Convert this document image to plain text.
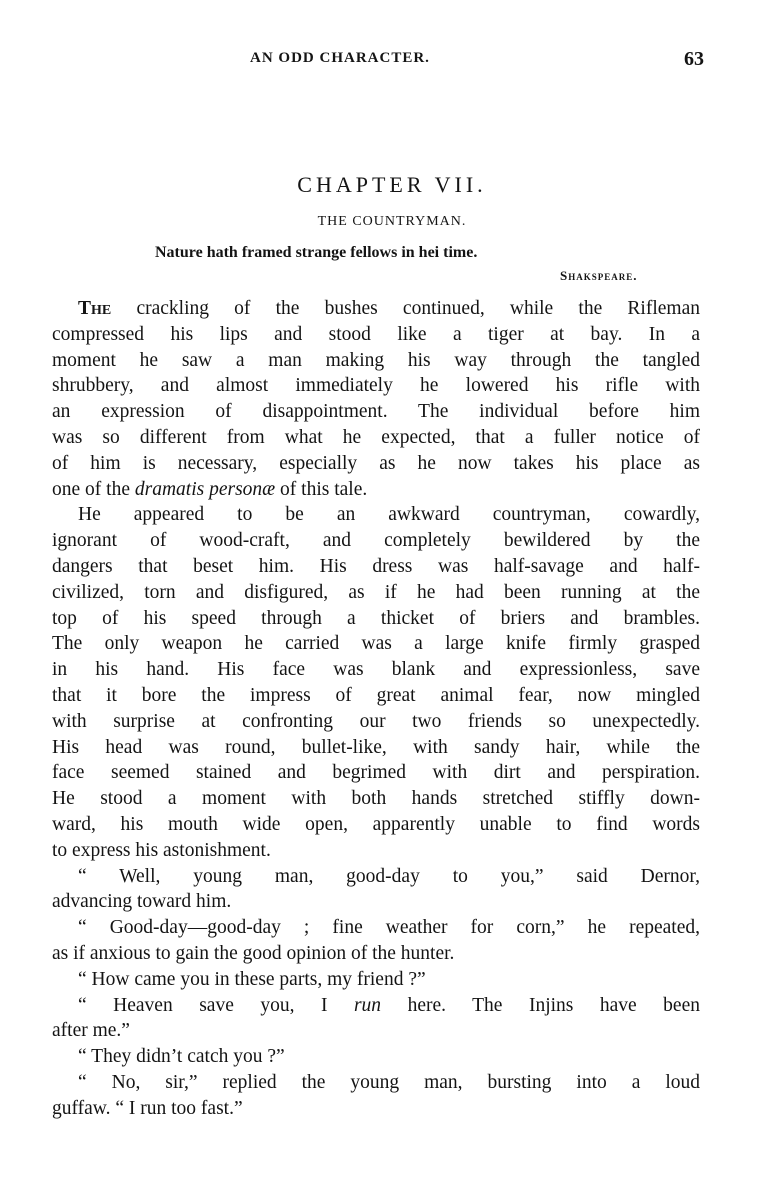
AN ODD CHARACTER.	63
CHAPTER VII.
THE COUNTRYMAN.
Nature hath framed strange fellows in hei time.
Shakspeare.
The crackling of the bushes continued, while the Rifleman
compressed his lips and stood like a tiger at bay. In a
moment he saw a man making his way through the tangled
shrubbery, and almost immediately he lowered his rifle with
an expression of disappointment. The individual before him
was so different from what he expected, that a fuller notice of
of him is necessary, especially as he now takes his place as
one of the dramatis personæ of this tale.
He appeared to be an awkward countryman, cowardly,
ignorant of wood-craft, and completely bewildered by the
dangers that beset him. His dress was half-savage and half-
civilized, torn and disfigured, as if he had been running at the
top of his speed through a thicket of briers and brambles.
The only weapon he carried was a large knife firmly grasped
in his hand. His face was blank and expressionless, save
that it bore the impress of great animal fear, now mingled
with surprise at confronting our two friends so unexpectedly.
His head was round, bullet-like, with sandy hair, while the
face seemed stained and begrimed with dirt and perspiration.
He stood a moment with both hands stretched stiffly down-
ward, his mouth wide open, apparently unable to find words
to express his astonishment.
“ Well, young man, good-day to you,” said Dernor,
advancing toward him.
“ Good-day—good-day ; fine weather for corn,” he repeated,
as if anxious to gain the good opinion of the hunter.
“ How came you in these parts, my friend ?”
“ Heaven save you, I run here. The Injins have been
after me.”
“ They didn’t catch you ?”
“ No, sir,” replied the young man, bursting into a loud
guffaw. “ I run too fast.”
